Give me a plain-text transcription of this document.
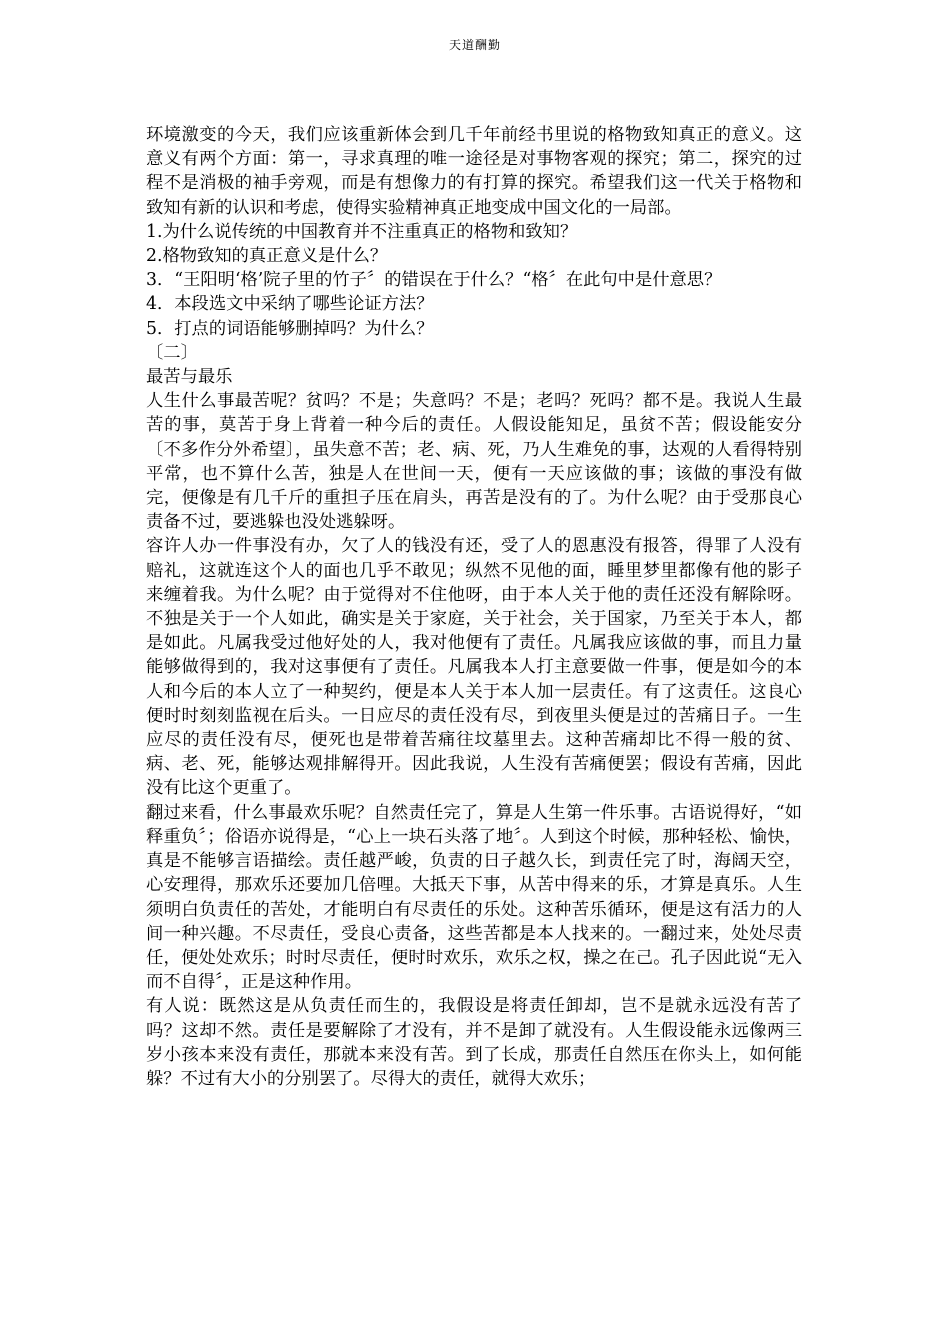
天道酬勤

环境激变的今天，我们应该重新体会到几千年前经书里说的格物致知真正的意义。这意义有两个方面：第一，寻求真理的唯一途径是对事物客观的探究；第二，探究的过程不是消极的袖手旁观，而是有想像力的有打算的探究。希望我们这一代关于格物和致知有新的认识和考虑，使得实验精神真正地变成中国文化的一局部。

1.为什么说传统的中国教育并不注重真正的格物和致知？

2.格物致知的真正意义是什么？

3．“王阳明‘格’院子里的竹子〞的错误在于什么？“格〞在此句中是什意思？

4．本段选文中采纳了哪些论证方法？

5．打点的词语能够删掉吗？为什么？

〔二〕

最苦与最乐

人生什么事最苦呢？贫吗？不是；失意吗？不是；老吗？死吗？都不是。我说人生最苦的事，莫苦于身上背着一种今后的责任。人假设能知足，虽贫不苦；假设能安分〔不多作分外希望〕，虽失意不苦；老、病、死，乃人生难免的事，达观的人看得特别平常，也不算什么苦，独是人在世间一天，便有一天应该做的事；该做的事没有做完，便像是有几千斤的重担子压在肩头，再苦是没有的了。为什么呢？由于受那良心责备不过，要逃躲也没处逃躲呀。

容许人办一件事没有办，欠了人的钱没有还，受了人的恩惠没有报答，得罪了人没有赔礼，这就连这个人的面也几乎不敢见；纵然不见他的面，睡里梦里都像有他的影子来缠着我。为什么呢？由于觉得对不住他呀，由于本人关于他的责任还没有解除呀。不独是关于一个人如此，确实是关于家庭，关于社会，关于国家，乃至关于本人，都是如此。凡属我受过他好处的人，我对他便有了责任。凡属我应该做的事，而且力量能够做得到的，我对这事便有了责任。凡属我本人打主意要做一件事，便是如今的本人和今后的本人立了一种契约，便是本人关于本人加一层责任。有了这责任。这良心便时时刻刻监视在后头。一日应尽的责任没有尽，到夜里头便是过的苦痛日子。一生应尽的责任没有尽，便死也是带着苦痛往坟墓里去。这种苦痛却比不得一般的贫、病、老、死，能够达观排解得开。因此我说，人生没有苦痛便罢；假设有苦痛，因此没有比这个更重了。

翻过来看，什么事最欢乐呢？自然责任完了，算是人生第一件乐事。古语说得好，“如释重负〞；俗语亦说得是，“心上一块石头落了地〞。人到这个时候，那种轻松、愉快，真是不能够言语描绘。责任越严峻，负责的日子越久长，到责任完了时，海阔天空，心安理得，那欢乐还要加几倍哩。大抵天下事，从苦中得来的乐，才算是真乐。人生须明白负责任的苦处，才能明白有尽责任的乐处。这种苦乐循环，便是这有活力的人间一种兴趣。不尽责任，受良心责备，这些苦都是本人找来的。一翻过来，处处尽责任，便处处欢乐；时时尽责任，便时时欢乐，欢乐之权，操之在己。孔子因此说“无入而不自得〞，正是这种作用。

有人说：既然这是从负责任而生的，我假设是将责任卸却，岂不是就永远没有苦了吗？这却不然。责任是要解除了才没有，并不是卸了就没有。人生假设能永远像两三岁小孩本来没有责任，那就本来没有苦。到了长成，那责任自然压在你头上，如何能躲？不过有大小的分别罢了。尽得大的责任，就得大欢乐；
